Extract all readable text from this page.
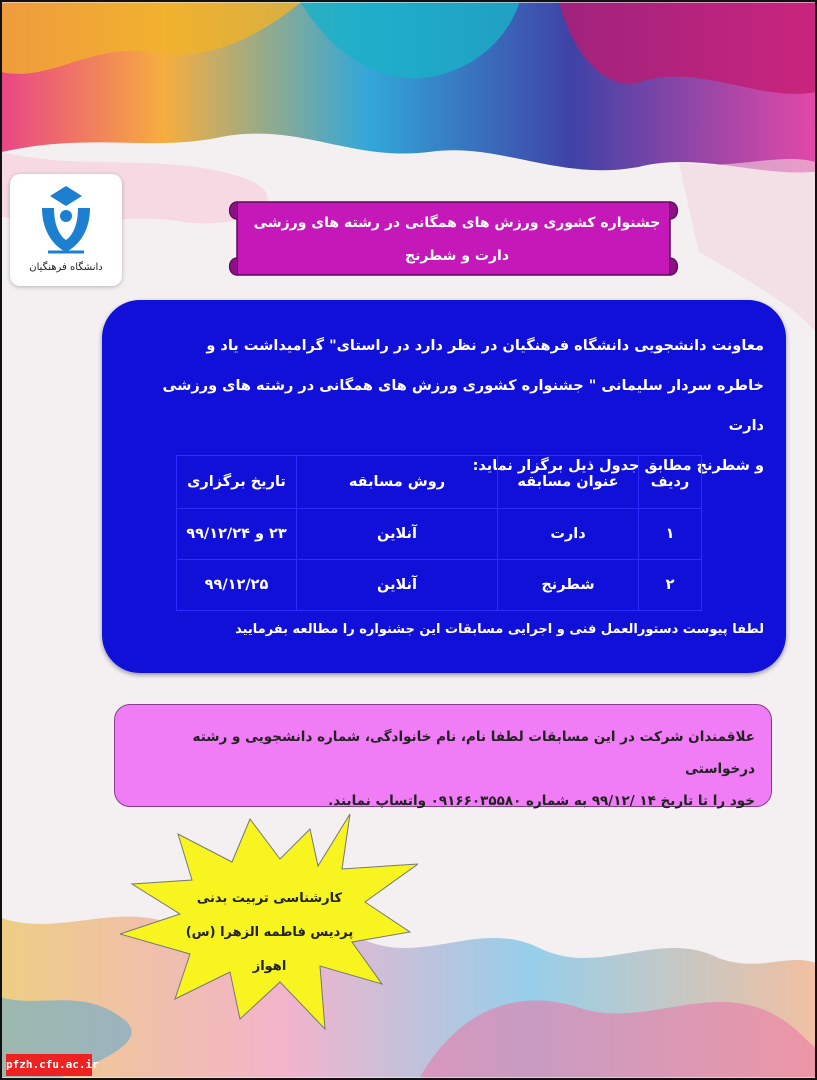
دانشگاه فرهنگیان
جشنواره کشوری ورزش های همگانی در رشته های ورزشی
دارت و شطرنج
معاونت دانشجویی دانشگاه فرهنگیان در نظر دارد در راستای" گرامیداشت یاد و
خاطره سردار سلیمانی " جشنواره کشوری ورزش های همگانی در رشته های ورزشی دارت
و شطرنج مطابق جدول ذیل برگزار نماید:
ردیف	عنوان مسابقه	روش مسابقه	تاریخ برگزاری
۱	دارت	آنلاین	۲۳ و ۹۹/۱۲/۲۴
۲	شطرنج	آنلاین	۹۹/۱۲/۲۵
لطفا پیوست دستورالعمل فنی و اجرایی مسابقات این جشنواره را مطالعه بفرمایید
علاقمندان شرکت در این مسابقات لطفا نام، نام خانوادگی، شماره دانشجویی و رشته درخواستی
خود را تا تاریخ ۱۴ /۹۹/۱۲ به شماره ۰۹۱۶۶۰۳۵۵۸۰ واتساپ نمایند.
کارشناسی تربیت بدنی
پردیس فاطمه الزهرا (س)
اهواز
pfzh.cfu.ac.ir
